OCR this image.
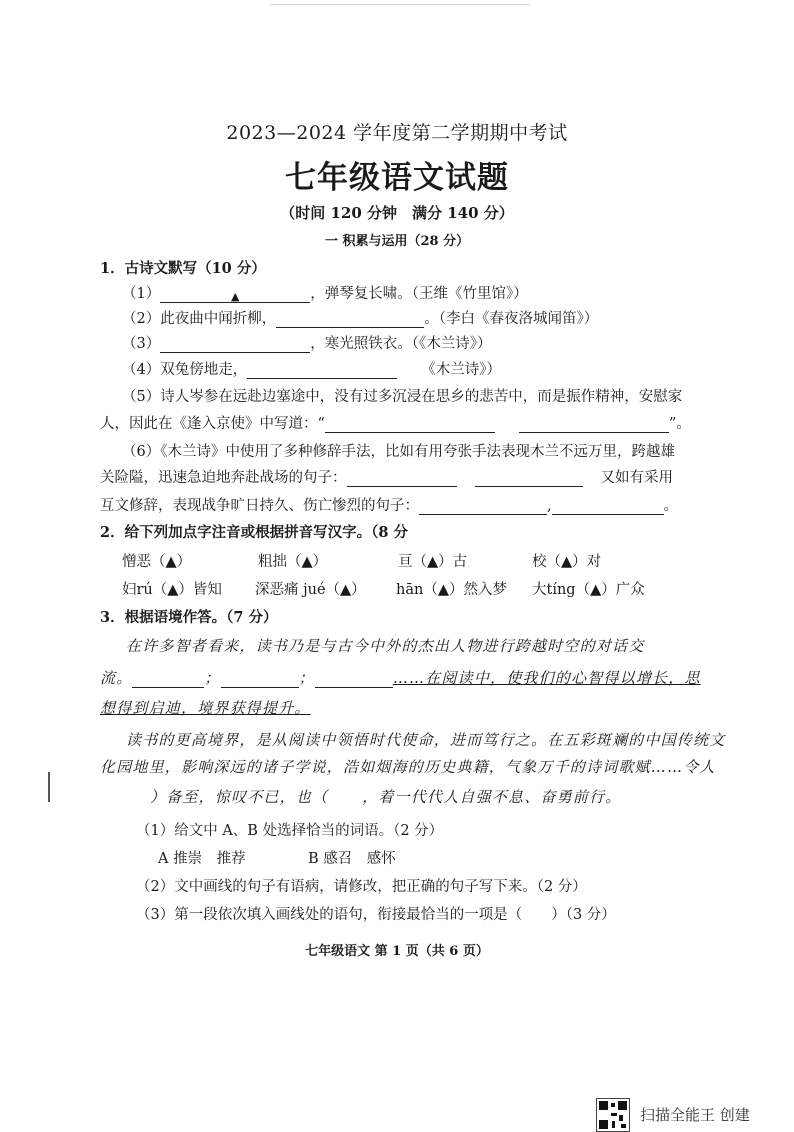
2023—2024 学年度第二学期期中考试
七年级语文试题
（时间 120 分钟　满分 140 分）
一 积累与运用（28 分）
1．古诗文默写（10 分）
（1）	▲	，弹琴复长啸。（王维《竹里馆》）
（2）此夜曲中闻折柳，	。（李白《春夜洛城闻笛》）
（3）	，寒光照铁衣。（《木兰诗》）
（4）双兔傍地走，	《木兰诗》）
（5）诗人岑参在远赴边塞途中，没有过多沉浸在思乡的悲苦中，而是振作精神，安慰家
人，因此在《逢入京使》中写道：“	”。
（6）《木兰诗》中使用了多种修辞手法，比如有用夸张手法表现木兰不远万里，跨越雄
关险隘，迅速急迫地奔赴战场的句子：	又如有采用
互文修辞，表现战争旷日持久、伤亡惨烈的句子：	,	。
2．给下列加点字注音或根据拼音写汉字。（8 分
憎恶（▲）	粗拙（▲）	亘（▲）古	校（▲）对
妇rú（▲）皆知 深恶痛 jué（▲） hān（▲）然入梦 大tíng（▲）广众
3．根据语境作答。（7 分）
在许多智者看来，读书乃是与古今中外的杰出人物进行跨越时空的对话交
流。	；	；	……在阅读中，使我们的心智得以增长，思
想得到启迪，境界获得提升。
读书的更高境界，是从阅读中领悟时代使命，进而笃行之。在五彩斑斓的中国传统文
化园地里，影响深远的诸子学说，浩如烟海的历史典籍，气象万千的诗词歌赋……令人
）备至，惊叹不已，也（ ，着一代代人自强不息、奋勇前行。
（1）给文中 A、B 处选择恰当的词语。（2 分）
A 推崇　推荐	B 感召　感怀
（2）文中画线的句子有语病，请修改，把正确的句子写下来。（2 分）
（3）第一段依次填入画线处的语句，衔接最恰当的一项是（　　）（3 分）
七年级语文 第 1 页（共 6 页）
扫描全能王 创建
